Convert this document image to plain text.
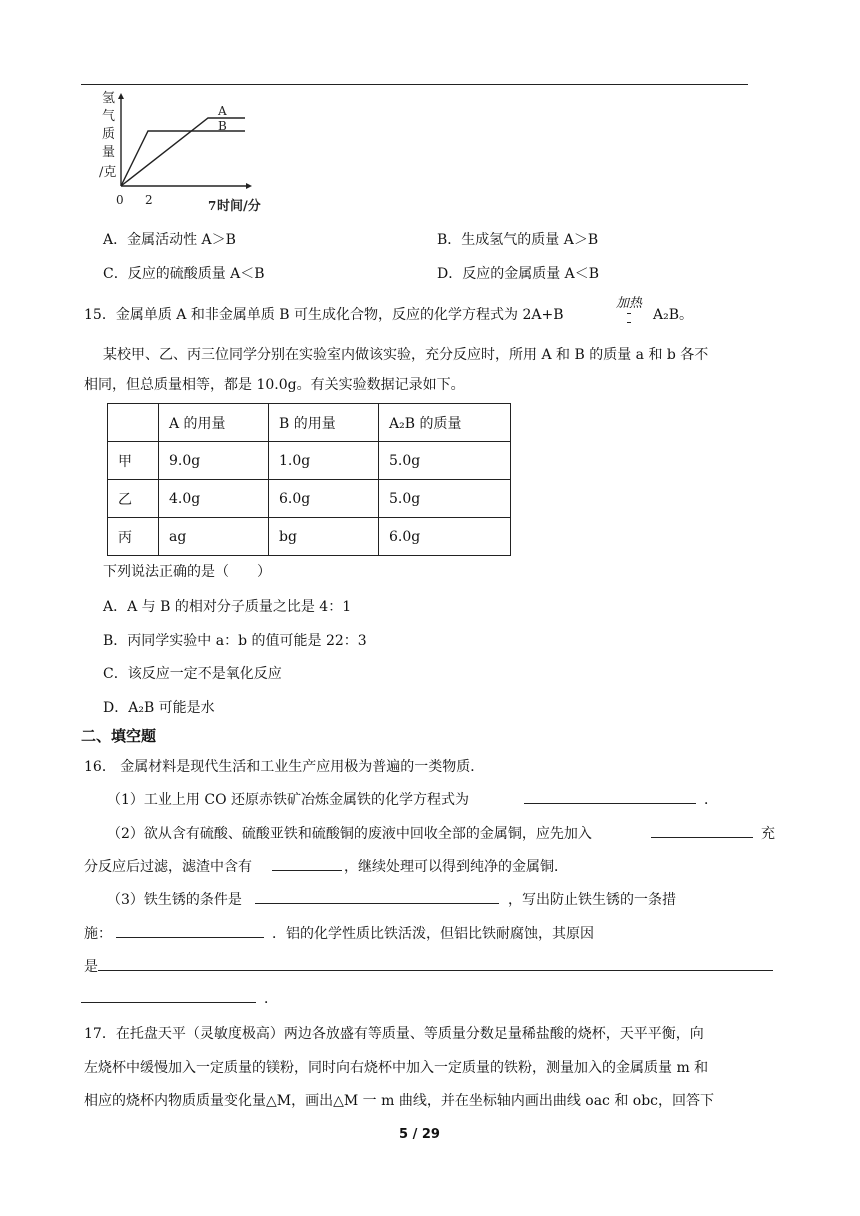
氢
气
质
量
/克
A
B
0 2	7 时间/分
A．金属活动性 A＞B	B．生成氢气的质量 A＞B
C．反应的硫酸质量 A＜B	D．反应的金属质量 A＜B
15．金属单质 A 和非金属单质 B 可生成化合物，反应的化学方程式为 2A+B
加热
A₂B。
某校甲、乙、丙三位同学分别在实验室内做该实验，充分反应时，所用 A 和 B 的质量 a 和 b 各不
相同，但总质量相等，都是 10.0g。有关实验数据记录如下。
	A 的用量	B 的用量	A₂B 的质量
甲	9.0g	1.0g	5.0g
乙	4.0g	6.0g	5.0g
丙	ag	bg	6.0g
下列说法正确的是（　　）
A．A 与 B 的相对分子质量之比是 4：1
B．丙同学实验中 a：b 的值可能是 22：3
C．该反应一定不是氧化反应
D．A₂B 可能是水
二、填空题
16． 金属材料是现代生活和工业生产应用极为普遍的一类物质．
（1）工业上用 CO 还原赤铁矿冶炼金属铁的化学方程式为	．
（2）欲从含有硫酸、硫酸亚铁和硫酸铜的废液中回收全部的金属铜，应先加入	充
分反应后过滤，滤渣中含有	，继续处理可以得到纯净的金属铜．
（3）铁生锈的条件是	，写出防止铁生锈的一条措
施：	．铝的化学性质比铁活泼，但铝比铁耐腐蚀，其原因
是
．
17．在托盘天平（灵敏度极高）两边各放盛有等质量、等质量分数足量稀盐酸的烧杯，天平平衡，向
左烧杯中缓慢加入一定质量的镁粉，同时向右烧杯中加入一定质量的铁粉，测量加入的金属质量 m 和
相应的烧杯内物质质量变化量△M，画出△M 一 m 曲线，并在坐标轴内画出曲线 oac 和 obc，回答下
5 / 29
